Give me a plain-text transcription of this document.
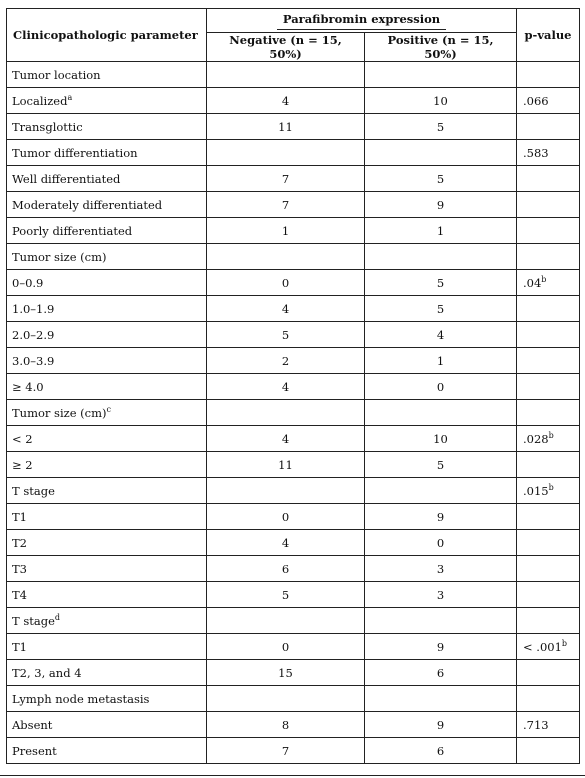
Clinicopathologic parameter	Parafibromin expression		p-value
	Negative (n = 15, 50%)	Positive (n = 15, 50%)	
Tumor location			
Localized$^a$	4	10	.066
Transglottic	11	5	
Tumor differentiation			.583
Well differentiated	7	5	
Moderately differentiated	7	9	
Poorly differentiated	1	1	
Tumor size (cm)			
0–0.9	0	5	.04$^b$
1.0–1.9	4	5	
2.0–2.9	5	4	
3.0–3.9	2	1	
≥ 4.0	4	0	
Tumor size (cm)$^c$			
< 2	4	10	.028$^b$
≥ 2	11	5	
T stage			.015$^b$
T1	0	9	
T2	4	0	
T3	6	3	
T4	5	3	
T stage$^d$			
T1	0	9	< .001$^b$
T2, 3, and 4	15	6	
Lymph node metastasis			
Absent	8	9	.713
Present	7	6	
